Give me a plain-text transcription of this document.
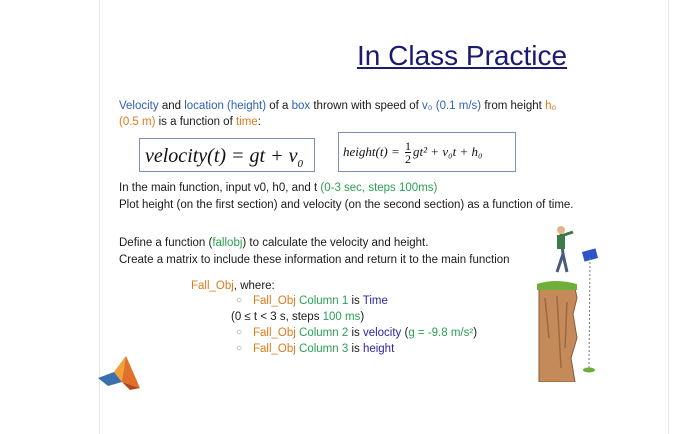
In Class Practice
Velocity and location (height) of a box thrown with speed of v₀ (0.1 m/s) from height h₀
(0.5 m) is a function of time:
velocity(t) = gt + $v_0$
height(t) = $\frac{1}{2} gt^2 + v_0t + h_0$
In the main function, input v0, h0, and t (0-3 sec, steps 100ms)
Plot height (on the first section) and velocity (on the second section) as a function of time.
Define a function (fallobj) to calculate the velocity and height.
Create a matrix to include these information and return it to the main function
Fall_Obj, where:
○ Fall_Obj Column 1 is Time
(0 ≤ t < 3 s, steps 100 ms)
○ Fall_Obj Column 2 is velocity (g = -9.8 m/s²)
○ Fall_Obj Column 3 is height
